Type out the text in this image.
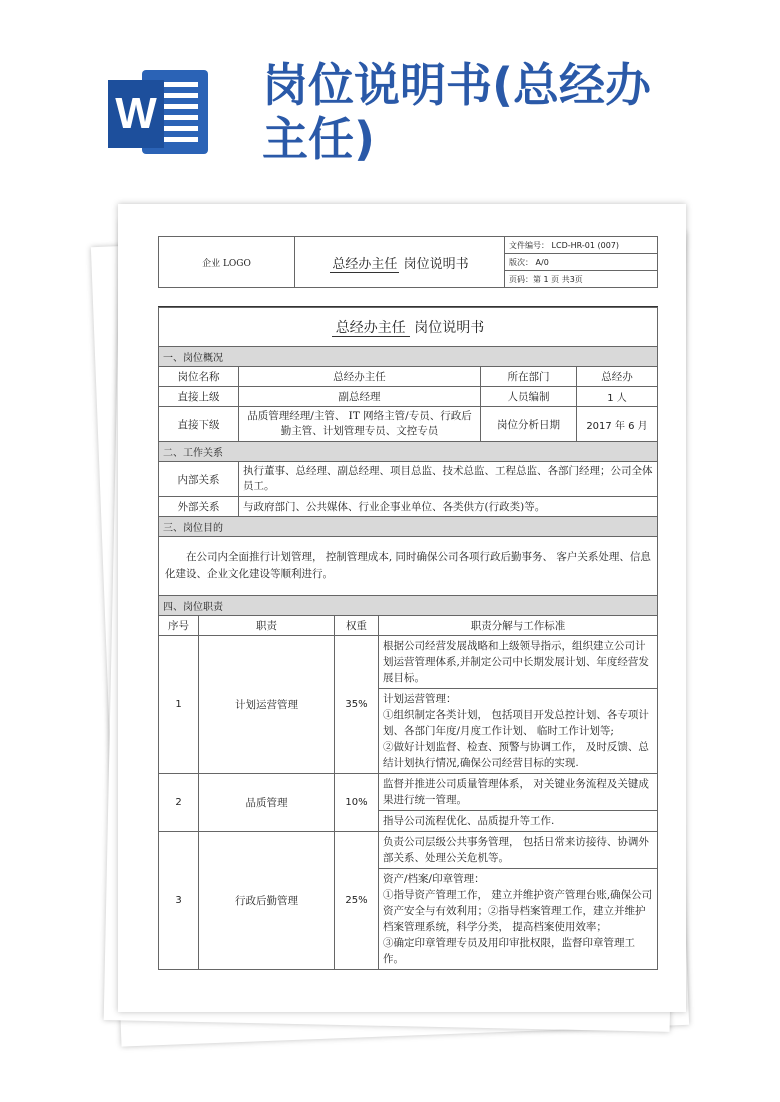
W
岗位说明书(总经办主任)
企业 LOGO	总经办主任 岗位说明书	文件编号： LCD-HR-01 (007)
版次： A/0
页码：第 1 页 共3页
总经办主任 岗位说明书						
一、岗位概况						
岗位名称		总经办主任			所在部门	总经办
直接上级		副总经理			人员编制	1 人
直接下级		品质管理经理/主管、 IT 网络主管/专员、行政后勤主管、计划管理专员、文控专员			岗位分析日期	2017 年 6 月
二、工作关系						
内部关系		执行董事、总经理、副总经理、项目总监、技术总监、工程总监、各部门经理；公司全体员工。				
外部关系		与政府部门、公共媒体、行业企事业单位、各类供方(行政类)等。				
三、岗位目的						
在公司内全面推行计划管理， 控制管理成本, 同时确保公司各项行政后勤事务、 客户关系处理、信息化建设、企业文化建设等顺利进行。						
四、岗位职责						
序号	职责		权重	职责分解与工作标准		
1	计划运营管理		35%	根据公司经营发展战略和上级领导指示，组织建立公司计划运营管理体系,并制定公司中长期发展计划、年度经营发展目标。		
				计划运营管理：
①组织制定各类计划， 包括项目开发总控计划、各专项计划、各部门年度/月度工作计划、 临时工作计划等;
②做好计划监督、检查、预警与协调工作， 及时反馈、总结计划执行情况,确保公司经营目标的实现.		
2	品质管理		10%	监督并推进公司质量管理体系， 对关键业务流程及关键成果进行统一管理。		
				指导公司流程优化、品质提升等工作.		
3	行政后勤管理		25%	负责公司层级公共事务管理， 包括日常来访接待、协调外部关系、处理公关危机等。		
				资产/档案/印章管理：
①指导资产管理工作， 建立并维护资产管理台账,确保公司资产安全与有效利用；②指导档案管理工作，建立并维护档案管理系统，科学分类， 提高档案使用效率；
③确定印章管理专员及用印审批权限，监督印章管理工作。		
